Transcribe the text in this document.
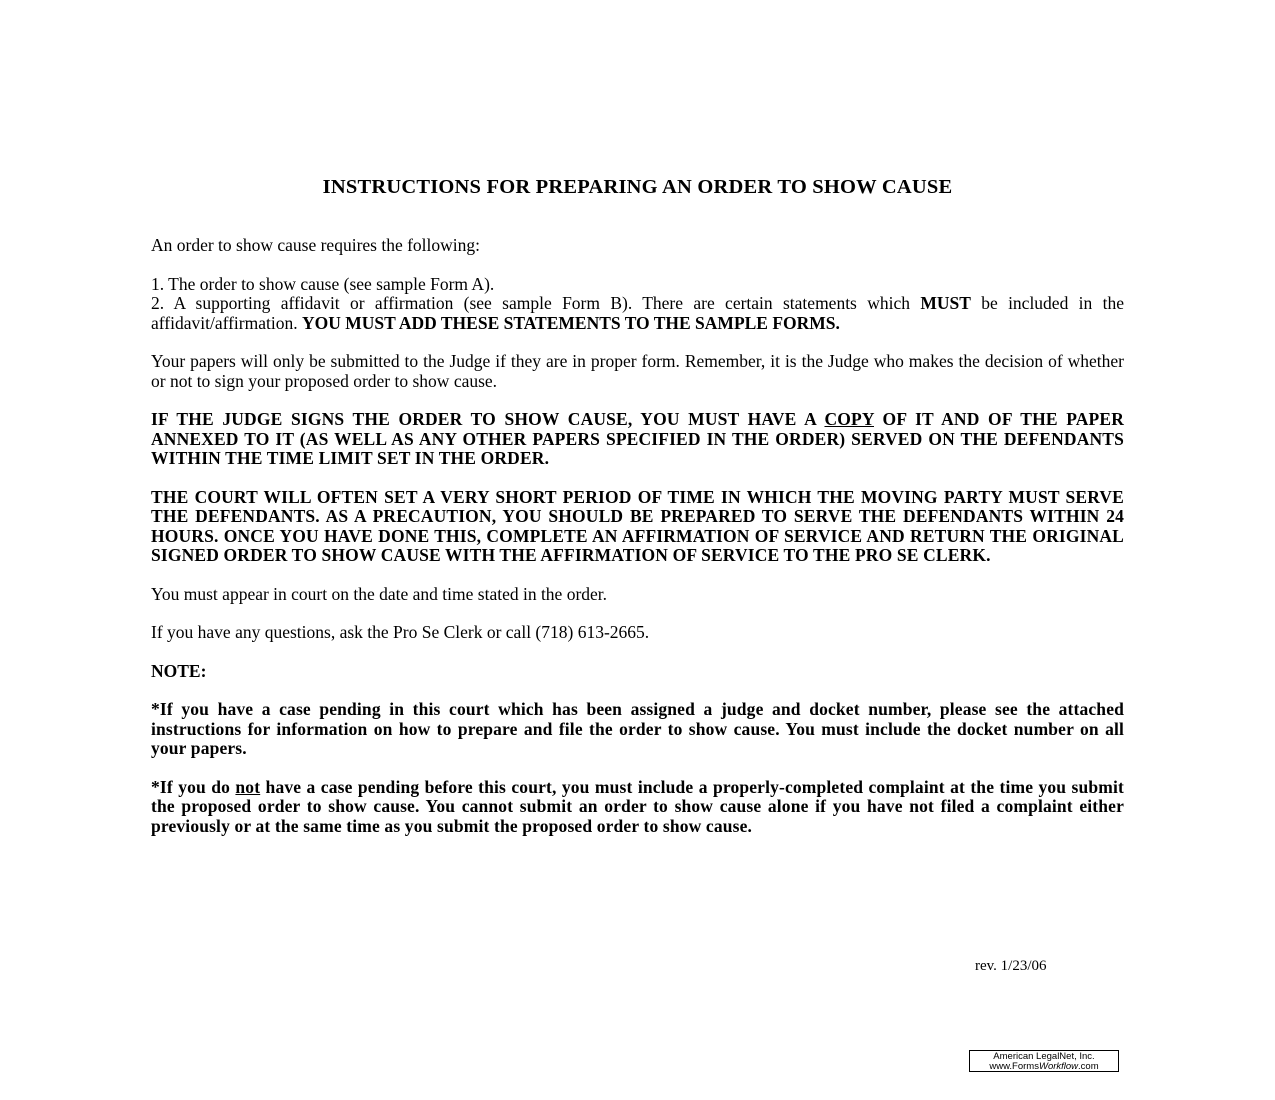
INSTRUCTIONS FOR PREPARING AN ORDER TO SHOW CAUSE

An order to show cause requires the following:

1. The order to show cause (see sample Form A).
2. A supporting affidavit or affirmation (see sample Form B). There are certain statements which MUST be included in the affidavit/affirmation. YOU MUST ADD THESE STATEMENTS TO THE SAMPLE FORMS.

Your papers will only be submitted to the Judge if they are in proper form. Remember, it is the Judge who makes the decision of whether or not to sign your proposed order to show cause.

IF THE JUDGE SIGNS THE ORDER TO SHOW CAUSE, YOU MUST HAVE A COPY OF IT AND OF THE PAPER ANNEXED TO IT (AS WELL AS ANY OTHER PAPERS SPECIFIED IN THE ORDER) SERVED ON THE DEFENDANTS WITHIN THE TIME LIMIT SET IN THE ORDER.

THE COURT WILL OFTEN SET A VERY SHORT PERIOD OF TIME IN WHICH THE MOVING PARTY MUST SERVE THE DEFENDANTS. AS A PRECAUTION, YOU SHOULD BE PREPARED TO SERVE THE DEFENDANTS WITHIN 24 HOURS. ONCE YOU HAVE DONE THIS, COMPLETE AN AFFIRMATION OF SERVICE AND RETURN THE ORIGINAL SIGNED ORDER TO SHOW CAUSE WITH THE AFFIRMATION OF SERVICE TO THE PRO SE CLERK.

You must appear in court on the date and time stated in the order.

If you have any questions, ask the Pro Se Clerk or call (718) 613-2665.

NOTE:

*If you have a case pending in this court which has been assigned a judge and docket number, please see the attached instructions for information on how to prepare and file the order to show cause. You must include the docket number on all your papers.

*If you do not have a case pending before this court, you must include a properly-completed complaint at the time you submit the proposed order to show cause. You cannot submit an order to show cause alone if you have not filed a complaint either previously or at the same time as you submit the proposed order to show cause.

rev. 1/23/06
American LegalNet, Inc.
www.FormsWorkflow.com
